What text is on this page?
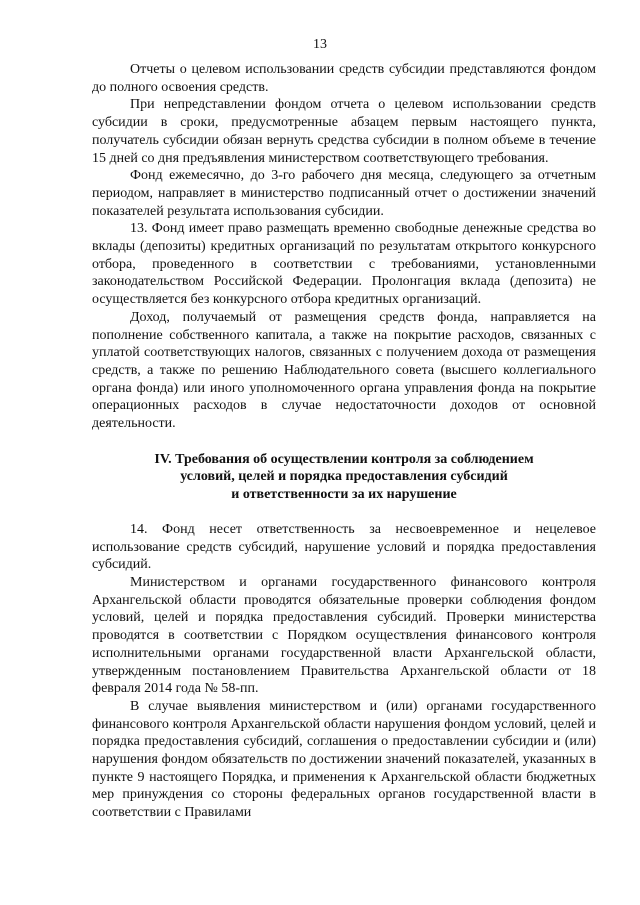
13

Отчеты о целевом использовании средств субсидии представляются фондом до полного освоения средств.

При непредставлении фондом отчета о целевом использовании средств субсидии в сроки, предусмотренные абзацем первым настоящего пункта, получатель субсидии обязан вернуть средства субсидии в полном объеме в течение 15 дней со дня предъявления министерством соответствующего требования.

Фонд ежемесячно, до 3-го рабочего дня месяца, следующего за отчетным периодом, направляет в министерство подписанный отчет о достижении значений показателей результата использования субсидии.

13. Фонд имеет право размещать временно свободные денежные средства во вклады (депозиты) кредитных организаций по результатам открытого конкурсного отбора, проведенного в соответствии с требованиями, установленными законодательством Российской Федерации. Пролонгация вклада (депозита) не осуществляется без конкурсного отбора кредитных организаций.

Доход, получаемый от размещения средств фонда, направляется на пополнение собственного капитала, а также на покрытие расходов, связанных с уплатой соответствующих налогов, связанных с получением дохода от размещения средств, а также по решению Наблюдательного совета (высшего коллегиального органа фонда) или иного уполномоченного органа управления фонда на покрытие операционных расходов в случае недостаточности доходов от основной деятельности.

IV. Требования об осуществлении контроля за соблюдением
условий, целей и порядка предоставления субсидий
и ответственности за их нарушение

14. Фонд несет ответственность за несвоевременное и нецелевое использование средств субсидий, нарушение условий и порядка предоставления субсидий.

Министерством и органами государственного финансового контроля Архангельской области проводятся обязательные проверки соблюдения фондом условий, целей и порядка предоставления субсидий. Проверки министерства проводятся в соответствии с Порядком осуществления финансового контроля исполнительными органами государственной власти Архангельской области, утвержденным постановлением Правительства Архангельской области от 18 февраля 2014 года № 58-пп.

В случае выявления министерством и (или) органами государственного финансового контроля Архангельской области нарушения фондом условий, целей и порядка предоставления субсидий, соглашения о предоставлении субсидии и (или) нарушения фондом обязательств по достижении значений показателей, указанных в пункте 9 настоящего Порядка, и применения к Архангельской области бюджетных мер принуждения со стороны федеральных органов государственной власти в соответствии с Правилами
